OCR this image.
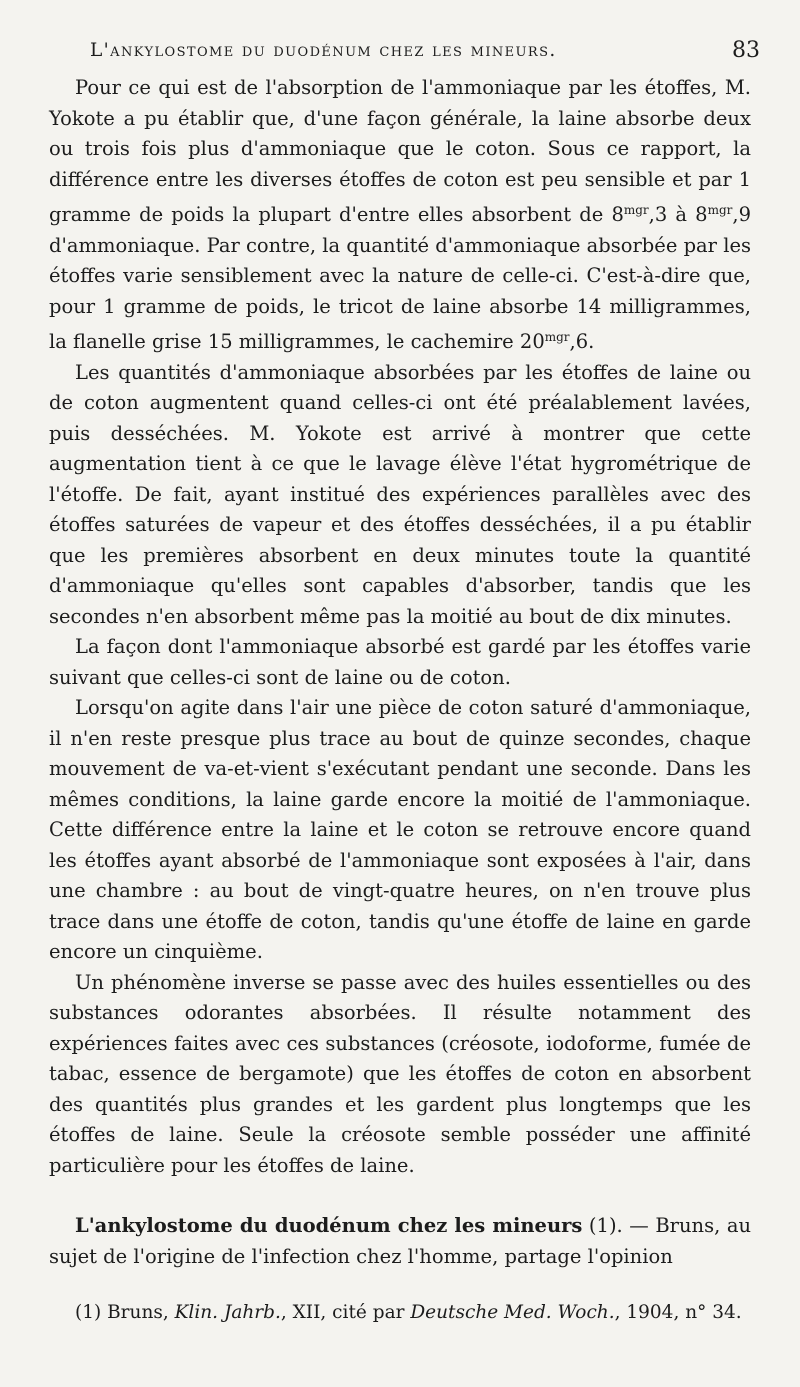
L'ankylostome du duodénum chez les mineurs.	83

Pour ce qui est de l'absorption de l'ammoniaque par les étoffes, M. Yokote a pu établir que, d'une façon générale, la laine absorbe deux ou trois fois plus d'ammoniaque que le coton. Sous ce rapport, la différence entre les diverses étoffes de coton est peu sensible et par 1 gramme de poids la plupart d'entre elles absorbent de $8^{mgr},3$ à $8^{mgr},9$ d'ammoniaque. Par contre, la quantité d'ammoniaque absorbée par les étoffes varie sensiblement avec la nature de celle-ci. C'est-à-dire que, pour 1 gramme de poids, le tricot de laine absorbe 14 milligrammes, la flanelle grise 15 milligrammes, le cachemire $20^{mgr},6$.

Les quantités d'ammoniaque absorbées par les étoffes de laine ou de coton augmentent quand celles-ci ont été préalablement lavées, puis desséchées. M. Yokote est arrivé à montrer que cette augmentation tient à ce que le lavage élève l'état hygrométrique de l'étoffe. De fait, ayant institué des expériences parallèles avec des étoffes saturées de vapeur et des étoffes desséchées, il a pu établir que les premières absorbent en deux minutes toute la quantité d'ammoniaque qu'elles sont capables d'absorber, tandis que les secondes n'en absorbent même pas la moitié au bout de dix minutes.

La façon dont l'ammoniaque absorbé est gardé par les étoffes varie suivant que celles-ci sont de laine ou de coton.

Lorsqu'on agite dans l'air une pièce de coton saturé d'ammoniaque, il n'en reste presque plus trace au bout de quinze secondes, chaque mouvement de va-et-vient s'exécutant pendant une seconde. Dans les mêmes conditions, la laine garde encore la moitié de l'ammoniaque. Cette différence entre la laine et le coton se retrouve encore quand les étoffes ayant absorbé de l'ammoniaque sont exposées à l'air, dans une chambre : au bout de vingt-quatre heures, on n'en trouve plus trace dans une étoffe de coton, tandis qu'une étoffe de laine en garde encore un cinquième.

Un phénomène inverse se passe avec des huiles essentielles ou des substances odorantes absorbées. Il résulte notamment des expériences faites avec ces substances (créosote, iodoforme, fumée de tabac, essence de bergamote) que les étoffes de coton en absorbent des quantités plus grandes et les gardent plus longtemps que les étoffes de laine. Seule la créosote semble posséder une affinité particulière pour les étoffes de laine.

L'ankylostome du duodénum chez les mineurs (1). — Bruns, au sujet de l'origine de l'infection chez l'homme, partage l'opinion

(1) Bruns, Klin. Jahrb., XII, cité par Deutsche Med. Woch., 1904, n° 34.
